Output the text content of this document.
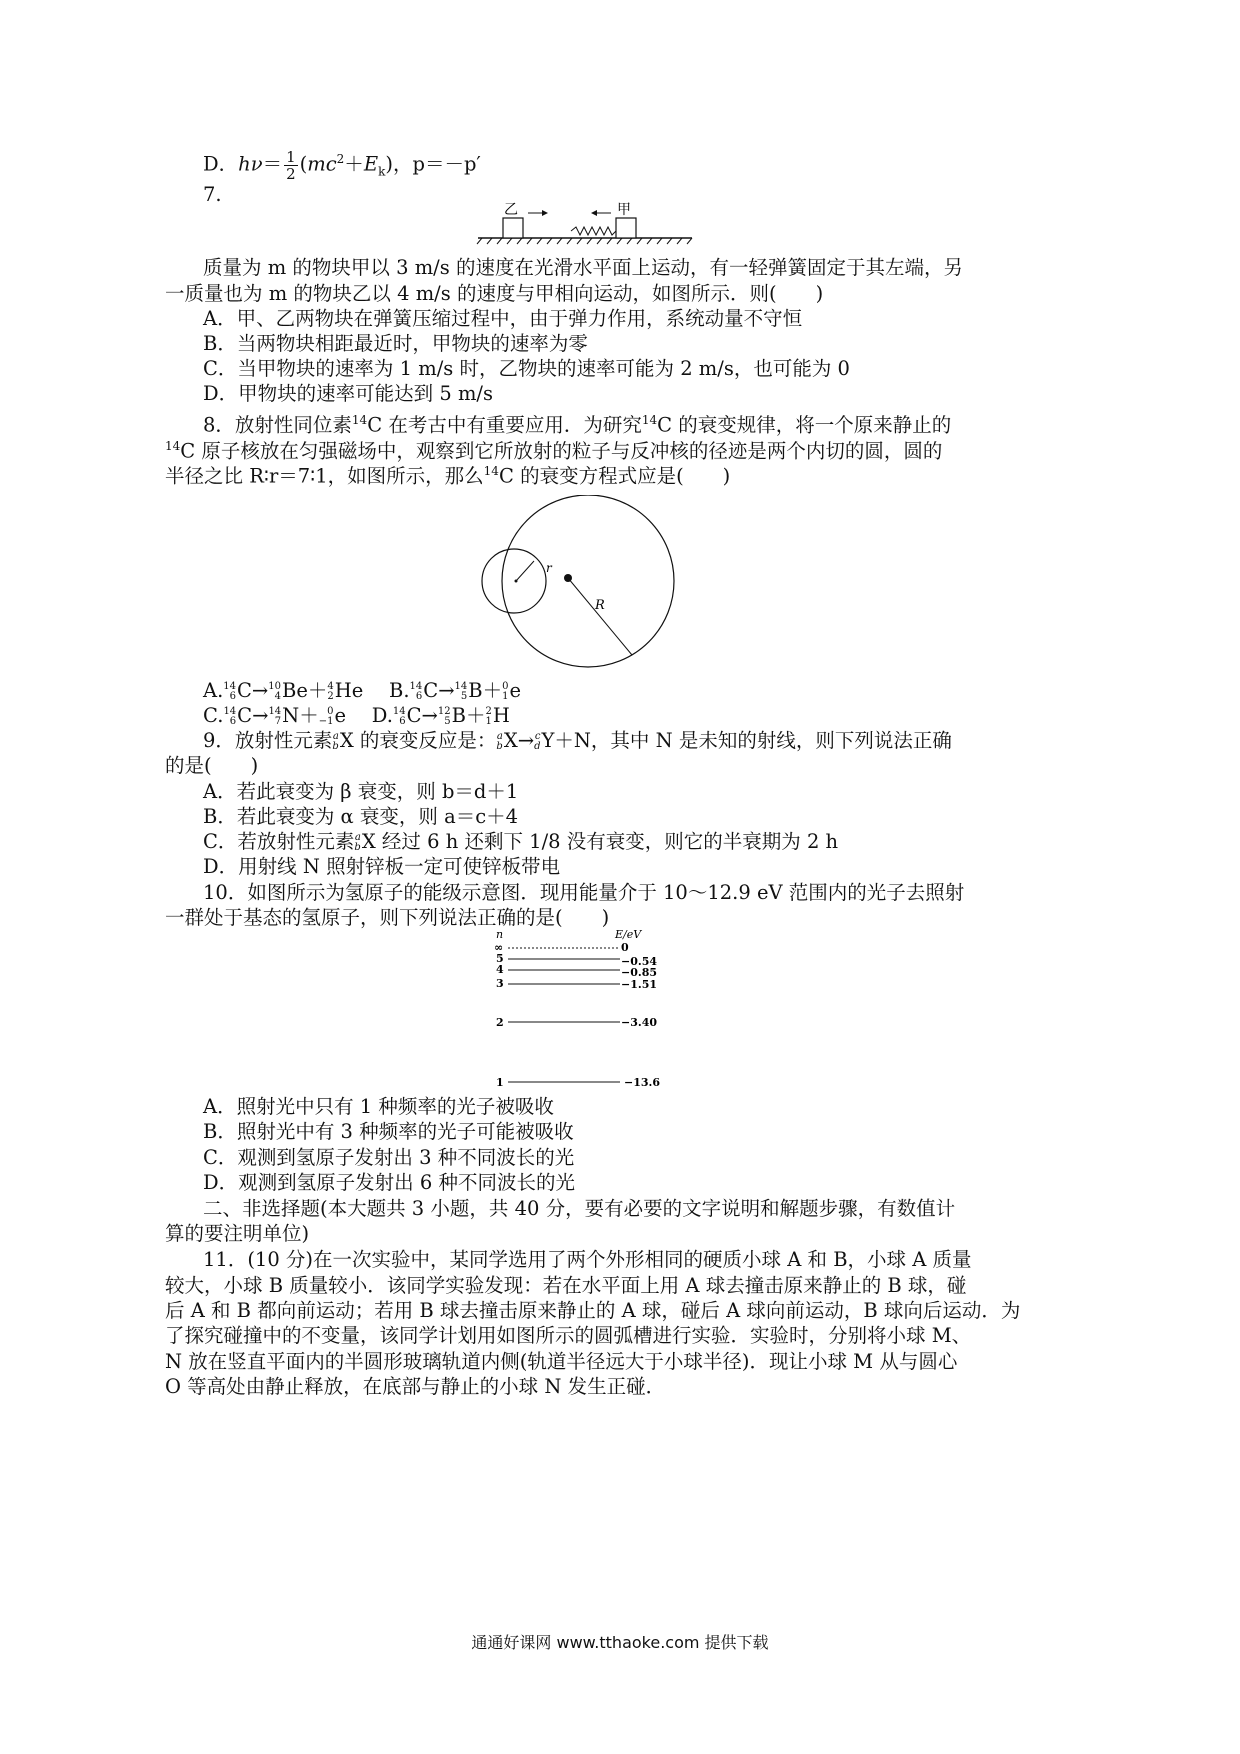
D．$h\nu= \frac{1}{2} (mc^2+E_k)$，p＝－p′
7.
乙	甲
质量为 m 的物块甲以 3 m/s 的速度在光滑水平面上运动，有一轻弹簧固定于其左端，另
一质量也为 m 的物块乙以 4 m/s 的速度与甲相向运动，如图所示．则(　　)
A．甲、乙两物块在弹簧压缩过程中，由于弹力作用，系统动量不守恒
B．当两物块相距最近时，甲物块的速率为零
C．当甲物块的速率为 1 m/s 时，乙物块的速率可能为 2 m/s，也可能为 0
D．甲物块的速率可能达到 5 m/s
8．放射性同位素$^{14}$C 在考古中有重要应用．为研究$^{14}$C 的衰变规律，将一个原来静止的
$^{14}$C 原子核放在匀强磁场中，观察到它所放射的粒子与反冲核的径迹是两个内切的圆，圆的
半径之比 R∶r＝7∶1，如图所示，那么$^{14}$C 的衰变方程式应是(　　)
r
R
A. 14
6 C→ 10
4 Be＋ 4
2 He　 B. 14
6 C→ 14
5 B＋ 0
1 e
C. 14
6 C→ 14
7 N＋ 0
−1 e　 D. 14
6 C→ 12
5 B＋ 2
1 H
9．放射性元素 a
b X 的衰变反应是： a
b X→ c
d Y＋N，其中 N 是未知的射线，则下列说法正确
的是(　　)
A．若此衰变为 β 衰变，则 b＝d＋1
B．若此衰变为 α 衰变，则 a＝c＋4
C．若放射性元素 a
b X 经过 6 h 还剩下 1/8 没有衰变，则它的半衰期为 2 h
D．用射线 N 照射锌板一定可使锌板带电
10．如图所示为氢原子的能级示意图．现用能量介于 10～12.9 eV 范围内的光子去照射
一群处于基态的氢原子，则下列说法正确的是(　　)
n	E/eV
∞	0
5	−0.54
4	−0.85
3	−1.51
2	−3.40
1	−13.6
A．照射光中只有 1 种频率的光子被吸收
B．照射光中有 3 种频率的光子可能被吸收
C．观测到氢原子发射出 3 种不同波长的光
D．观测到氢原子发射出 6 种不同波长的光
二、非选择题(本大题共 3 小题，共 40 分，要有必要的文字说明和解题步骤，有数值计
算的要注明单位)
11．(10 分)在一次实验中，某同学选用了两个外形相同的硬质小球 A 和 B，小球 A 质量
较大，小球 B 质量较小．该同学实验发现：若在水平面上用 A 球去撞击原来静止的 B 球，碰
后 A 和 B 都向前运动；若用 B 球去撞击原来静止的 A 球，碰后 A 球向前运动，B 球向后运动．为
了探究碰撞中的不变量，该同学计划用如图所示的圆弧槽进行实验．实验时，分别将小球 M、
N 放在竖直平面内的半圆形玻璃轨道内侧(轨道半径远大于小球半径)．现让小球 M 从与圆心
O 等高处由静止释放，在底部与静止的小球 N 发生正碰．
通通好课网 www.tthaoke.com 提供下载
